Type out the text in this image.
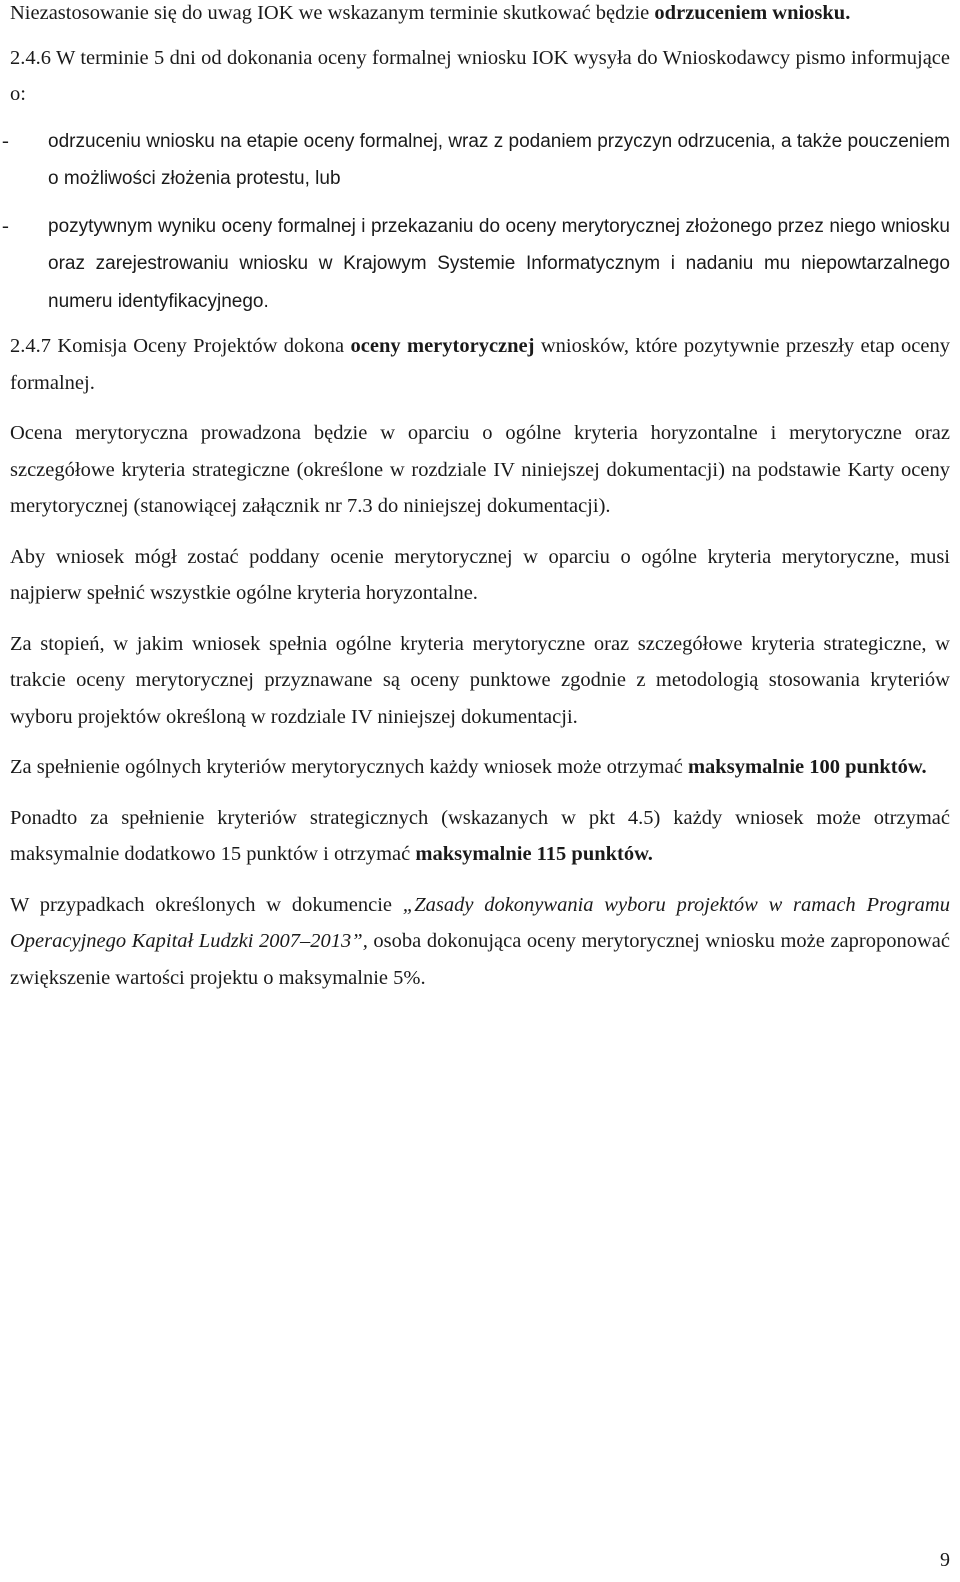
Niezastosowanie się do uwag IOK we wskazanym terminie skutkować będzie odrzuceniem wniosku.

2.4.6 W terminie 5 dni od dokonania oceny formalnej wniosku IOK wysyła do Wnioskodawcy pismo informujące o:

- odrzuceniu wniosku na etapie oceny formalnej, wraz z podaniem przyczyn odrzucenia, a także pouczeniem o możliwości złożenia protestu, lub
- pozytywnym wyniku oceny formalnej i przekazaniu do oceny merytorycznej złożonego przez niego wniosku oraz zarejestrowaniu wniosku w Krajowym Systemie Informatycznym i nadaniu mu niepowtarzalnego numeru identyfikacyjnego.

2.4.7 Komisja Oceny Projektów dokona oceny merytorycznej wniosków, które pozytywnie przeszły etap oceny formalnej.

Ocena merytoryczna prowadzona będzie w oparciu o ogólne kryteria horyzontalne i merytoryczne oraz szczegółowe kryteria strategiczne (określone w rozdziale IV niniejszej dokumentacji) na podstawie Karty oceny merytorycznej (stanowiącej załącznik nr 7.3 do niniejszej dokumentacji).

Aby wniosek mógł zostać poddany ocenie merytorycznej w oparciu o ogólne kryteria merytoryczne, musi najpierw spełnić wszystkie ogólne kryteria horyzontalne.

Za stopień, w jakim wniosek spełnia ogólne kryteria merytoryczne oraz szczegółowe kryteria strategiczne, w trakcie oceny merytorycznej przyznawane są oceny punktowe zgodnie z metodologią stosowania kryteriów wyboru projektów określoną w rozdziale IV niniejszej dokumentacji.

Za spełnienie ogólnych kryteriów merytorycznych każdy wniosek może otrzymać maksymalnie 100 punktów.

Ponadto za spełnienie kryteriów strategicznych (wskazanych w pkt 4.5) każdy wniosek może otrzymać maksymalnie dodatkowo 15 punktów i otrzymać maksymalnie 115 punktów.

W przypadkach określonych w dokumencie „Zasady dokonywania wyboru projektów w ramach Programu Operacyjnego Kapitał Ludzki 2007–2013”, osoba dokonująca oceny merytorycznej wniosku może zaproponować zwiększenie wartości projektu o maksymalnie 5%.

9
